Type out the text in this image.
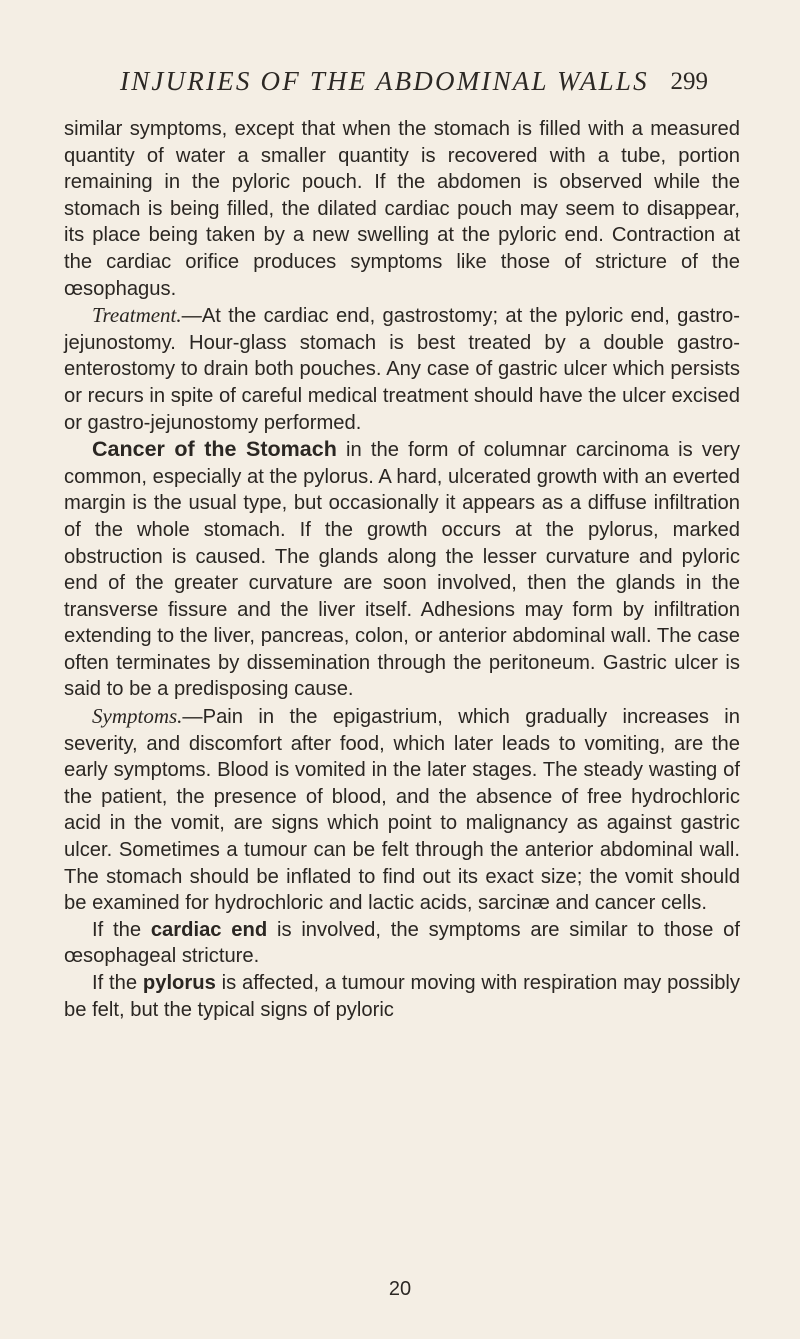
INJURIES OF THE ABDOMINAL WALLS 299

similar symptoms, except that when the stomach is filled with a measured quantity of water a smaller quantity is recovered with a tube, portion remaining in the pyloric pouch. If the abdomen is observed while the stomach is being filled, the dilated cardiac pouch may seem to disappear, its place being taken by a new swelling at the pyloric end. Contraction at the cardiac orifice produces symptoms like those of stricture of the œsophagus.

Treatment.—At the cardiac end, gastrostomy; at the pyloric end, gastro-jejunostomy. Hour-glass stomach is best treated by a double gastro-enterostomy to drain both pouches. Any case of gastric ulcer which persists or recurs in spite of careful medical treatment should have the ulcer excised or gastro-jejunostomy performed.

Cancer of the Stomach in the form of columnar carcinoma is very common, especially at the pylorus. A hard, ulcerated growth with an everted margin is the usual type, but occasionally it appears as a diffuse infiltration of the whole stomach. If the growth occurs at the pylorus, marked obstruction is caused. The glands along the lesser curvature and pyloric end of the greater curvature are soon involved, then the glands in the transverse fissure and the liver itself. Adhesions may form by infiltration extending to the liver, pancreas, colon, or anterior abdominal wall. The case often terminates by dissemination through the peritoneum. Gastric ulcer is said to be a predisposing cause.

Symptoms.—Pain in the epigastrium, which gradually increases in severity, and discomfort after food, which later leads to vomiting, are the early symptoms. Blood is vomited in the later stages. The steady wasting of the patient, the presence of blood, and the absence of free hydrochloric acid in the vomit, are signs which point to malignancy as against gastric ulcer. Sometimes a tumour can be felt through the anterior abdominal wall. The stomach should be inflated to find out its exact size; the vomit should be examined for hydrochloric and lactic acids, sarcinæ and cancer cells.

If the cardiac end is involved, the symptoms are similar to those of œsophageal stricture.

If the pylorus is affected, a tumour moving with respiration may possibly be felt, but the typical signs of pyloric

20
